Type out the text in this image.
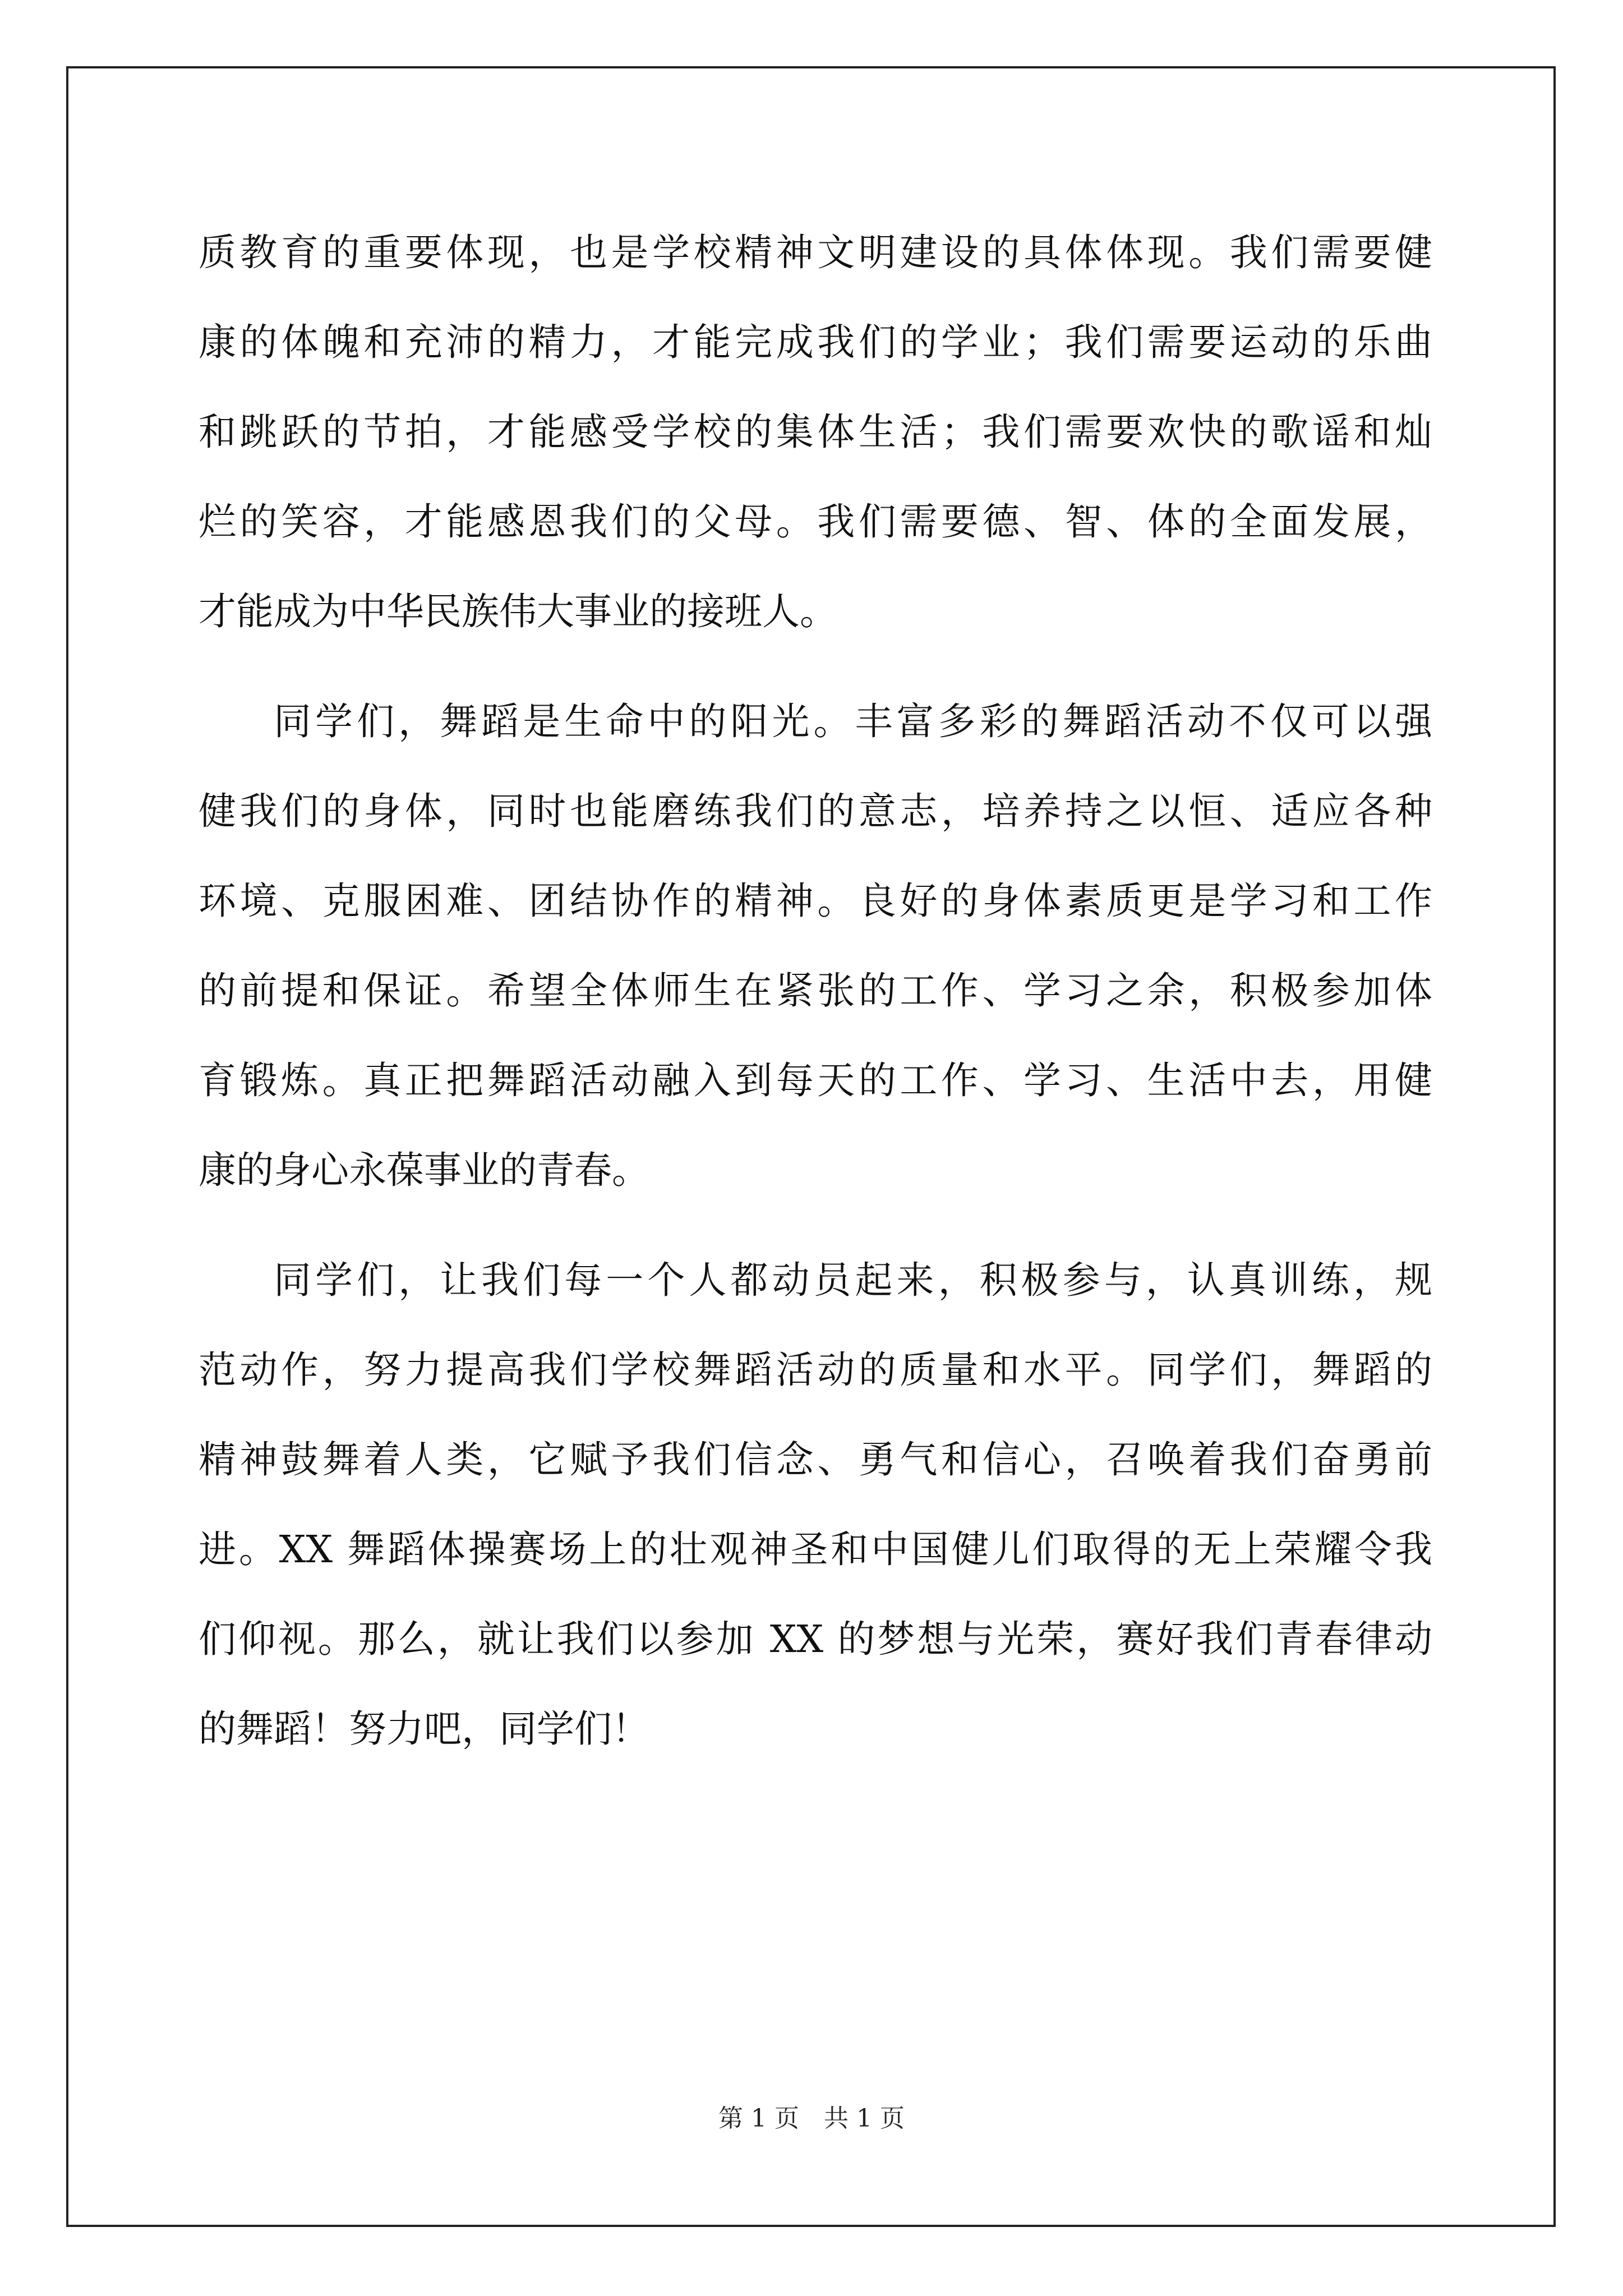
质教育的重要体现，也是学校精神文明建设的具体体现。我们需要健
康的体魄和充沛的精力，才能完成我们的学业；我们需要运动的乐曲
和跳跃的节拍，才能感受学校的集体生活；我们需要欢快的歌谣和灿
烂的笑容，才能感恩我们的父母。我们需要德、智、体的全面发展，
才能成为中华民族伟大事业的接班人。
同学们，舞蹈是生命中的阳光。丰富多彩的舞蹈活动不仅可以强
健我们的身体，同时也能磨练我们的意志，培养持之以恒、适应各种
环境、克服困难、团结协作的精神。良好的身体素质更是学习和工作
的前提和保证。希望全体师生在紧张的工作、学习之余，积极参加体
育锻炼。真正把舞蹈活动融入到每天的工作、学习、生活中去，用健
康的身心永葆事业的青春。
同学们，让我们每一个人都动员起来，积极参与，认真训练，规
范动作，努力提高我们学校舞蹈活动的质量和水平。同学们，舞蹈的
精神鼓舞着人类，它赋予我们信念、勇气和信心，召唤着我们奋勇前
进。XX 舞蹈体操赛场上的壮观神圣和中国健儿们取得的无上荣耀令我
们仰视。那么，就让我们以参加 XX 的梦想与光荣，赛好我们青春律动
的舞蹈！努力吧，同学们！
第 1 页 共 1 页
